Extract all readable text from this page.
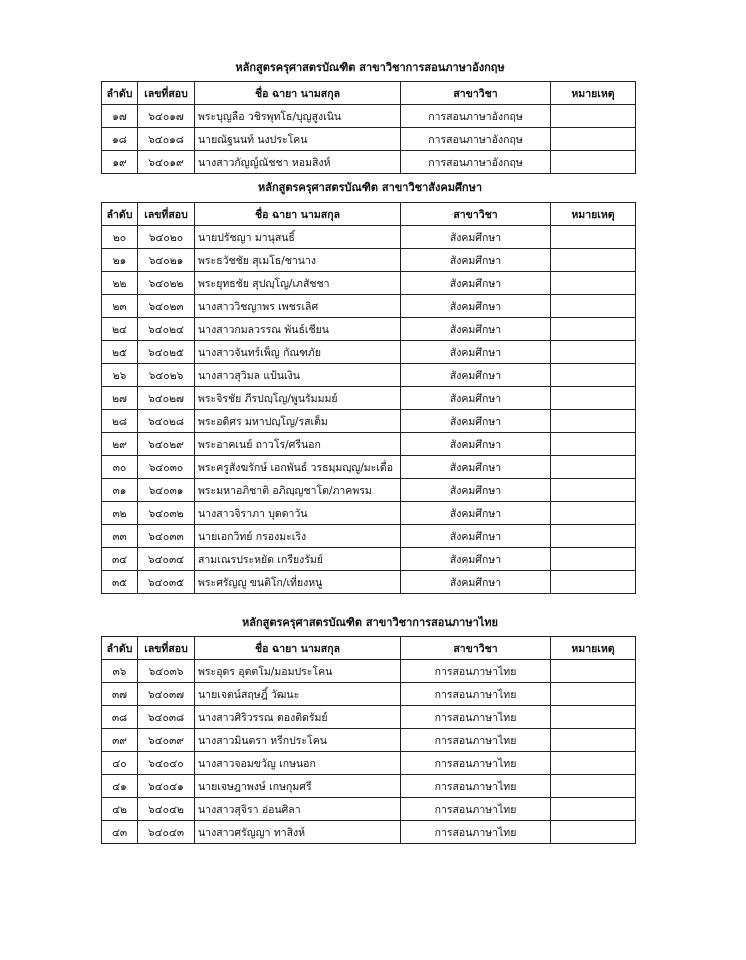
หลักสูตรครุศาสตรบัณฑิต สาขาวิชาการสอนภาษาอังกฤษ
ลำดับ	เลขที่สอบ	ชื่อ ฉายา นามสกุล	สาขาวิชา	หมายเหตุ
๑๗	๖๔๐๑๗	พระบุญลือ วชิรพุทโธ/บุญสูงเนิน	การสอนภาษาอังกฤษ	
๑๘	๖๔๐๑๘	นายณัฐนนท์ นงประโคน	การสอนภาษาอังกฤษ	
๑๙	๖๔๐๑๙	นางสาวกัญญ์ณัชชา หอมสิงห์	การสอนภาษาอังกฤษ	
หลักสูตรครุศาสตรบัณฑิต สาขาวิชาสังคมศึกษา
ลำดับ	เลขที่สอบ	ชื่อ ฉายา นามสกุล	สาขาวิชา	หมายเหตุ
๒๐	๖๔๐๒๐	นายปรัชญา มานุสนธิ์	สังคมศึกษา	
๒๑	๖๔๐๒๑	พระธวัชชัย สุเมโธ/ชานาง	สังคมศึกษา	
๒๒	๖๔๐๒๒	พระยุทธชัย สุปญฺโญ/เภสัชชา	สังคมศึกษา	
๒๓	๖๔๐๒๓	นางสาววิชญาพร เพชรเลิศ	สังคมศึกษา	
๒๔	๖๔๐๒๔	นางสาวกมลวรรณ พันธ์เชียน	สังคมศึกษา	
๒๕	๖๔๐๒๕	นางสาวจันทร์เพ็ญ กัณฑภัย	สังคมศึกษา	
๒๖	๖๔๐๒๖	นางสาวสุวิมล แป้นเงิน	สังคมศึกษา	
๒๗	๖๔๐๒๗	พระจิรชัย ภีรปญฺโญ/พูนรัมมมย์	สังคมศึกษา	
๒๘	๖๔๐๒๘	พระอดิศร มหาปญฺโญ/รสเต็ม	สังคมศึกษา	
๒๙	๖๔๐๒๙	พระอาคเนย์ ถาวโร/ศรีนอก	สังคมศึกษา	
๓๐	๖๔๐๓๐	พระครูสังฆรักษ์ เอกพันธ์ วรธมฺมญฺญู/มะเดื่อ	สังคมศึกษา	
๓๑	๖๔๐๓๑	พระมหาอภิชาติ อภิญฺญชาโต/ภาคพรม	สังคมศึกษา	
๓๒	๖๔๐๓๒	นางสาวจิราภา บุดดาวัน	สังคมศึกษา	
๓๓	๖๔๐๓๓	นายเอกวิทย์ กรองมะเริง	สังคมศึกษา	
๓๔	๖๔๐๓๔	สามเณรประหยัด เกรียงรัมย์	สังคมศึกษา	
๓๕	๖๔๐๓๕	พระศรัญญู ขนติโก/เที่ยงหนู	สังคมศึกษา	
หลักสูตรครุศาสตรบัณฑิต สาขาวิชาการสอนภาษาไทย
ลำดับ	เลขที่สอบ	ชื่อ ฉายา นามสกุล	สาขาวิชา	หมายเหตุ
๓๖	๖๔๐๓๖	พระอุดร อุตตโม/มอมประโคน	การสอนภาษาไทย	
๓๗	๖๔๐๓๗	นายเจตน์สฤษฎิ์ วัฒนะ	การสอนภาษาไทย	
๓๘	๖๔๐๓๘	นางสาวศิริวรรณ ตองติดรัมย์	การสอนภาษาไทย	
๓๙	๖๔๐๓๙	นางสาวมินตรา หรีกประโคน	การสอนภาษาไทย	
๔๐	๖๔๐๔๐	นางสาวจอมขวัญ เกษนอก	การสอนภาษาไทย	
๔๑	๖๔๐๔๑	นายเจษฎาพงษ์ เกษกุมศรี	การสอนภาษาไทย	
๔๒	๖๔๐๔๒	นางสาวสุจิรา อ่อนศิลา	การสอนภาษาไทย	
๔๓	๖๔๐๔๓	นางสาวศรัญญา ทาสิงห์	การสอนภาษาไทย	
